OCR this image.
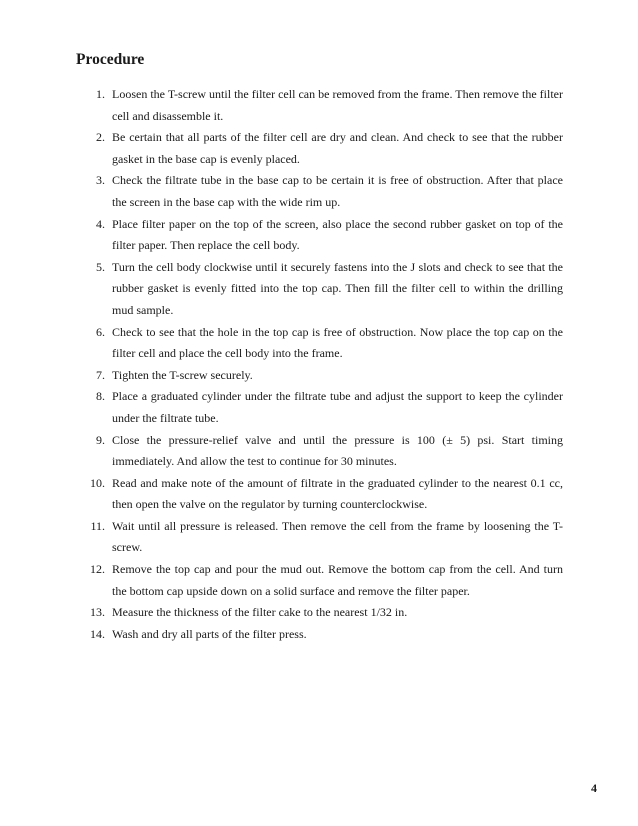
Procedure
1. Loosen the T-screw until the filter cell can be removed from the frame. Then remove the filter cell and disassemble it.
2. Be certain that all parts of the filter cell are dry and clean. And check to see that the rubber gasket in the base cap is evenly placed.
3. Check the filtrate tube in the base cap to be certain it is free of obstruction. After that place the screen in the base cap with the wide rim up.
4. Place filter paper on the top of the screen, also place the second rubber gasket on top of the filter paper. Then replace the cell body.
5. Turn the cell body clockwise until it securely fastens into the J slots and check to see that the rubber gasket is evenly fitted into the top cap. Then fill the filter cell to within the drilling mud sample.
6. Check to see that the hole in the top cap is free of obstruction. Now place the top cap on the filter cell and place the cell body into the frame.
7. Tighten the T-screw securely.
8. Place a graduated cylinder under the filtrate tube and adjust the support to keep the cylinder under the filtrate tube.
9. Close the pressure-relief valve and until the pressure is 100 (± 5) psi. Start timing immediately. And allow the test to continue for 30 minutes.
10. Read and make note of the amount of filtrate in the graduated cylinder to the nearest 0.1 cc, then open the valve on the regulator by turning counterclockwise.
11. Wait until all pressure is released. Then remove the cell from the frame by loosening the T-screw.
12. Remove the top cap and pour the mud out. Remove the bottom cap from the cell. And turn the bottom cap upside down on a solid surface and remove the filter paper.
13. Measure the thickness of the filter cake to the nearest 1/32 in.
14. Wash and dry all parts of the filter press.
4
